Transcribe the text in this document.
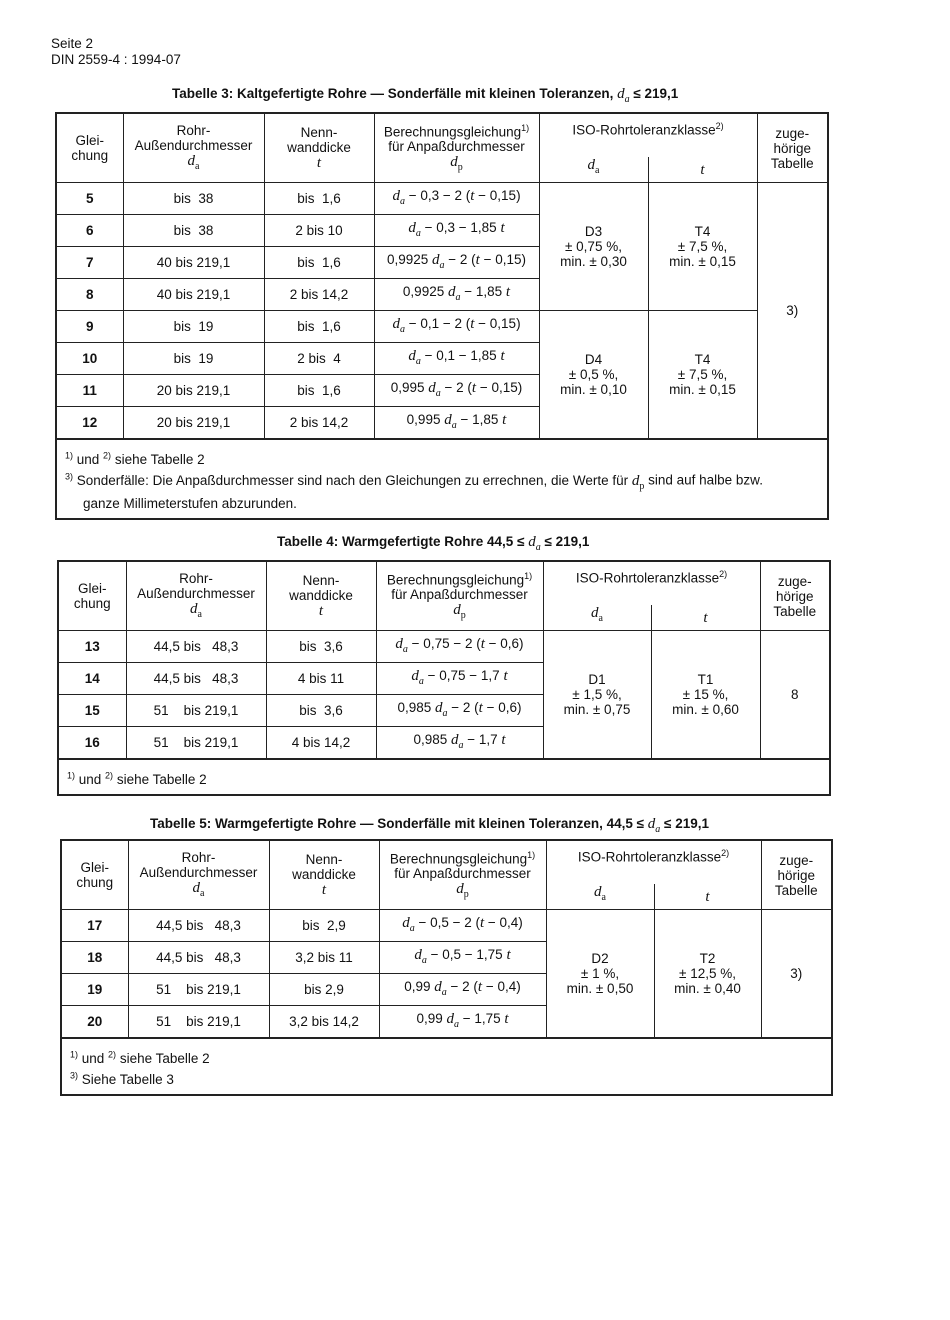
Seite 2
DIN 2559-4 : 1994-07
Tabelle 3: Kaltgefertigte Rohre — Sonderfälle mit kleinen Toleranzen, $d_a \le 219,1$
Glei-
chung	Rohr-
Außendurchmesser
$d_a$	Nenn-
wanddicke
t	Berechnungsgleichung$^{1)}$
für Anpaßdurchmesser
$d_p$	ISO-Rohrtoleranzklasse$^{2)}$		zuge-
hörige
Tabelle
				$d_a$	t	
5	bis  38	bis  1,6	$d_a - 0,3 - 2$ (t − 0,15)	D3
± 0,75 %,
min. ± 0,30	T4
± 7,5 %,
min. ± 0,15	3)
6	bis  38	2 bis 10	$d_a - 0,3 - 1,85$ t			
7	40 bis 219,1	bis  1,6	0,9925 $d_a - 2$ (t − 0,15)			
8	40 bis 219,1	2 bis 14,2	0,9925 $d_a - 1,85$ t			
9	bis  19	bis  1,6	$d_a - 0,1 - 2$ (t − 0,15)	D4
± 0,5 %,
min. ± 0,10	T4
± 7,5 %,
min. ± 0,15	
10	bis  19	2 bis  4	$d_a - 0,1 - 1,85$ t			
11	20 bis 219,1	bis  1,6	0,995 $d_a - 2$ (t − 0,15)			
12	20 bis 219,1	2 bis 14,2	0,995 $d_a - 1,85$ t			

$^{1)}$ und $^{2)}$ siehe Tabelle 2
$^{3)}$ Sonderfälle: Die Anpaßdurchmesser sind nach den Gleichungen zu errechnen, die Werte für $d_p$ sind auf halbe bzw.
ganze Millimeterstufen abzurunden.						
Tabelle 4: Warmgefertigte Rohre $44,5 \le d_a \le 219,1$
Glei-
chung	Rohr-
Außendurchmesser
$d_a$	Nenn-
wanddicke
t	Berechnungsgleichung$^{1)}$
für Anpaßdurchmesser
$d_p$	ISO-Rohrtoleranzklasse$^{2)}$		zuge-
hörige
Tabelle
				$d_a$	t	
13	44,5 bis   48,3	bis  3,6	$d_a - 0,75 - 2$ (t − 0,6)	D1
± 1,5 %,
min. ± 0,75	T1
± 15 %,
min. ± 0,60	8
14	44,5 bis   48,3	4 bis 11	$d_a - 0,75 - 1,7$ t			
15	51    bis 219,1	bis  3,6	0,985 $d_a - 2$ (t − 0,6)			
16	51    bis 219,1	4 bis 14,2	0,985 $d_a - 1,7$ t			

$^{1)}$ und $^{2)}$ siehe Tabelle 2						
Tabelle 5: Warmgefertigte Rohre — Sonderfälle mit kleinen Toleranzen, $44,5 \le d_a \le 219,1$
Glei-
chung	Rohr-
Außendurchmesser
$d_a$	Nenn-
wanddicke
t	Berechnungsgleichung$^{1)}$
für Anpaßdurchmesser
$d_p$	ISO-Rohrtoleranzklasse$^{2)}$		zuge-
hörige
Tabelle
				$d_a$	t	
17	44,5 bis   48,3	bis  2,9	$d_a - 0,5 - 2$ (t − 0,4)	D2
± 1 %,
min. ± 0,50	T2
± 12,5 %,
min. ± 0,40	3)
18	44,5 bis   48,3	3,2 bis 11	$d_a - 0,5 - 1,75$ t			
19	51    bis 219,1	bis 2,9	0,99 $d_a - 2$ (t − 0,4)			
20	51    bis 219,1	3,2 bis 14,2	0,99 $d_a - 1,75$ t			

$^{1)}$ und $^{2)}$ siehe Tabelle 2
$^{3)}$ Siehe Tabelle 3						
